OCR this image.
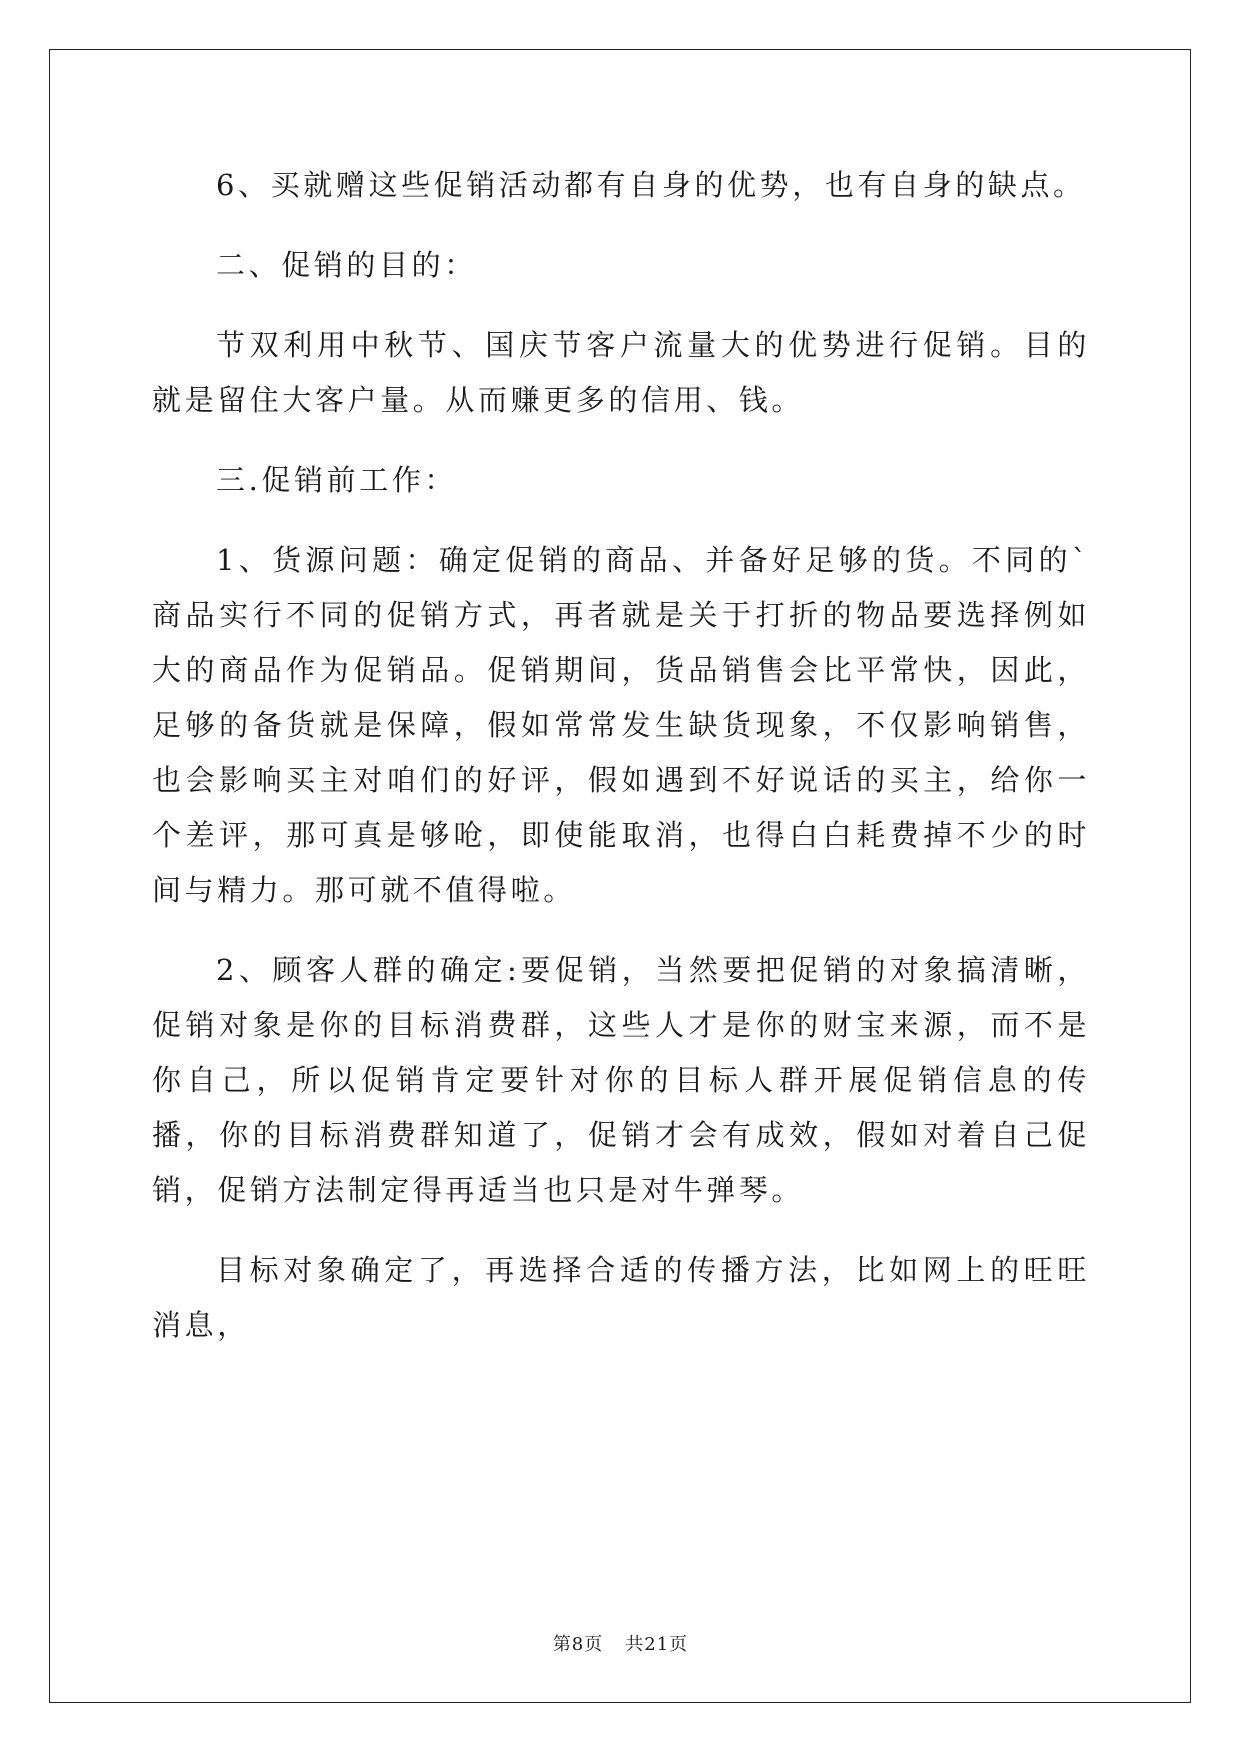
6、买就赠这些促销活动都有自身的优势，也有自身的缺点。

二、促销的目的：

节双利用中秋节、国庆节客户流量大的优势进行促销。目的就是留住大客户量。从而赚更多的信用、钱。

三.促销前工作：

1、货源问题：确定促销的商品、并备好足够的货。不同的`商品实行不同的促销方式，再者就是关于打折的物品要选择例如大的商品作为促销品。促销期间，货品销售会比平常快，因此，足够的备货就是保障，假如常常发生缺货现象，不仅影响销售，也会影响买主对咱们的好评，假如遇到不好说话的买主，给你一个差评，那可真是够呛，即使能取消，也得白白耗费掉不少的时间与精力。那可就不值得啦。

2、顾客人群的确定:要促销，当然要把促销的对象搞清晰，促销对象是你的目标消费群，这些人才是你的财宝来源，而不是你自己，所以促销肯定要针对你的目标人群开展促销信息的传播，你的目标消费群知道了，促销才会有成效，假如对着自己促销，促销方法制定得再适当也只是对牛弹琴。

目标对象确定了，再选择合适的传播方法，比如网上的旺旺消息，

第8页 共21页
